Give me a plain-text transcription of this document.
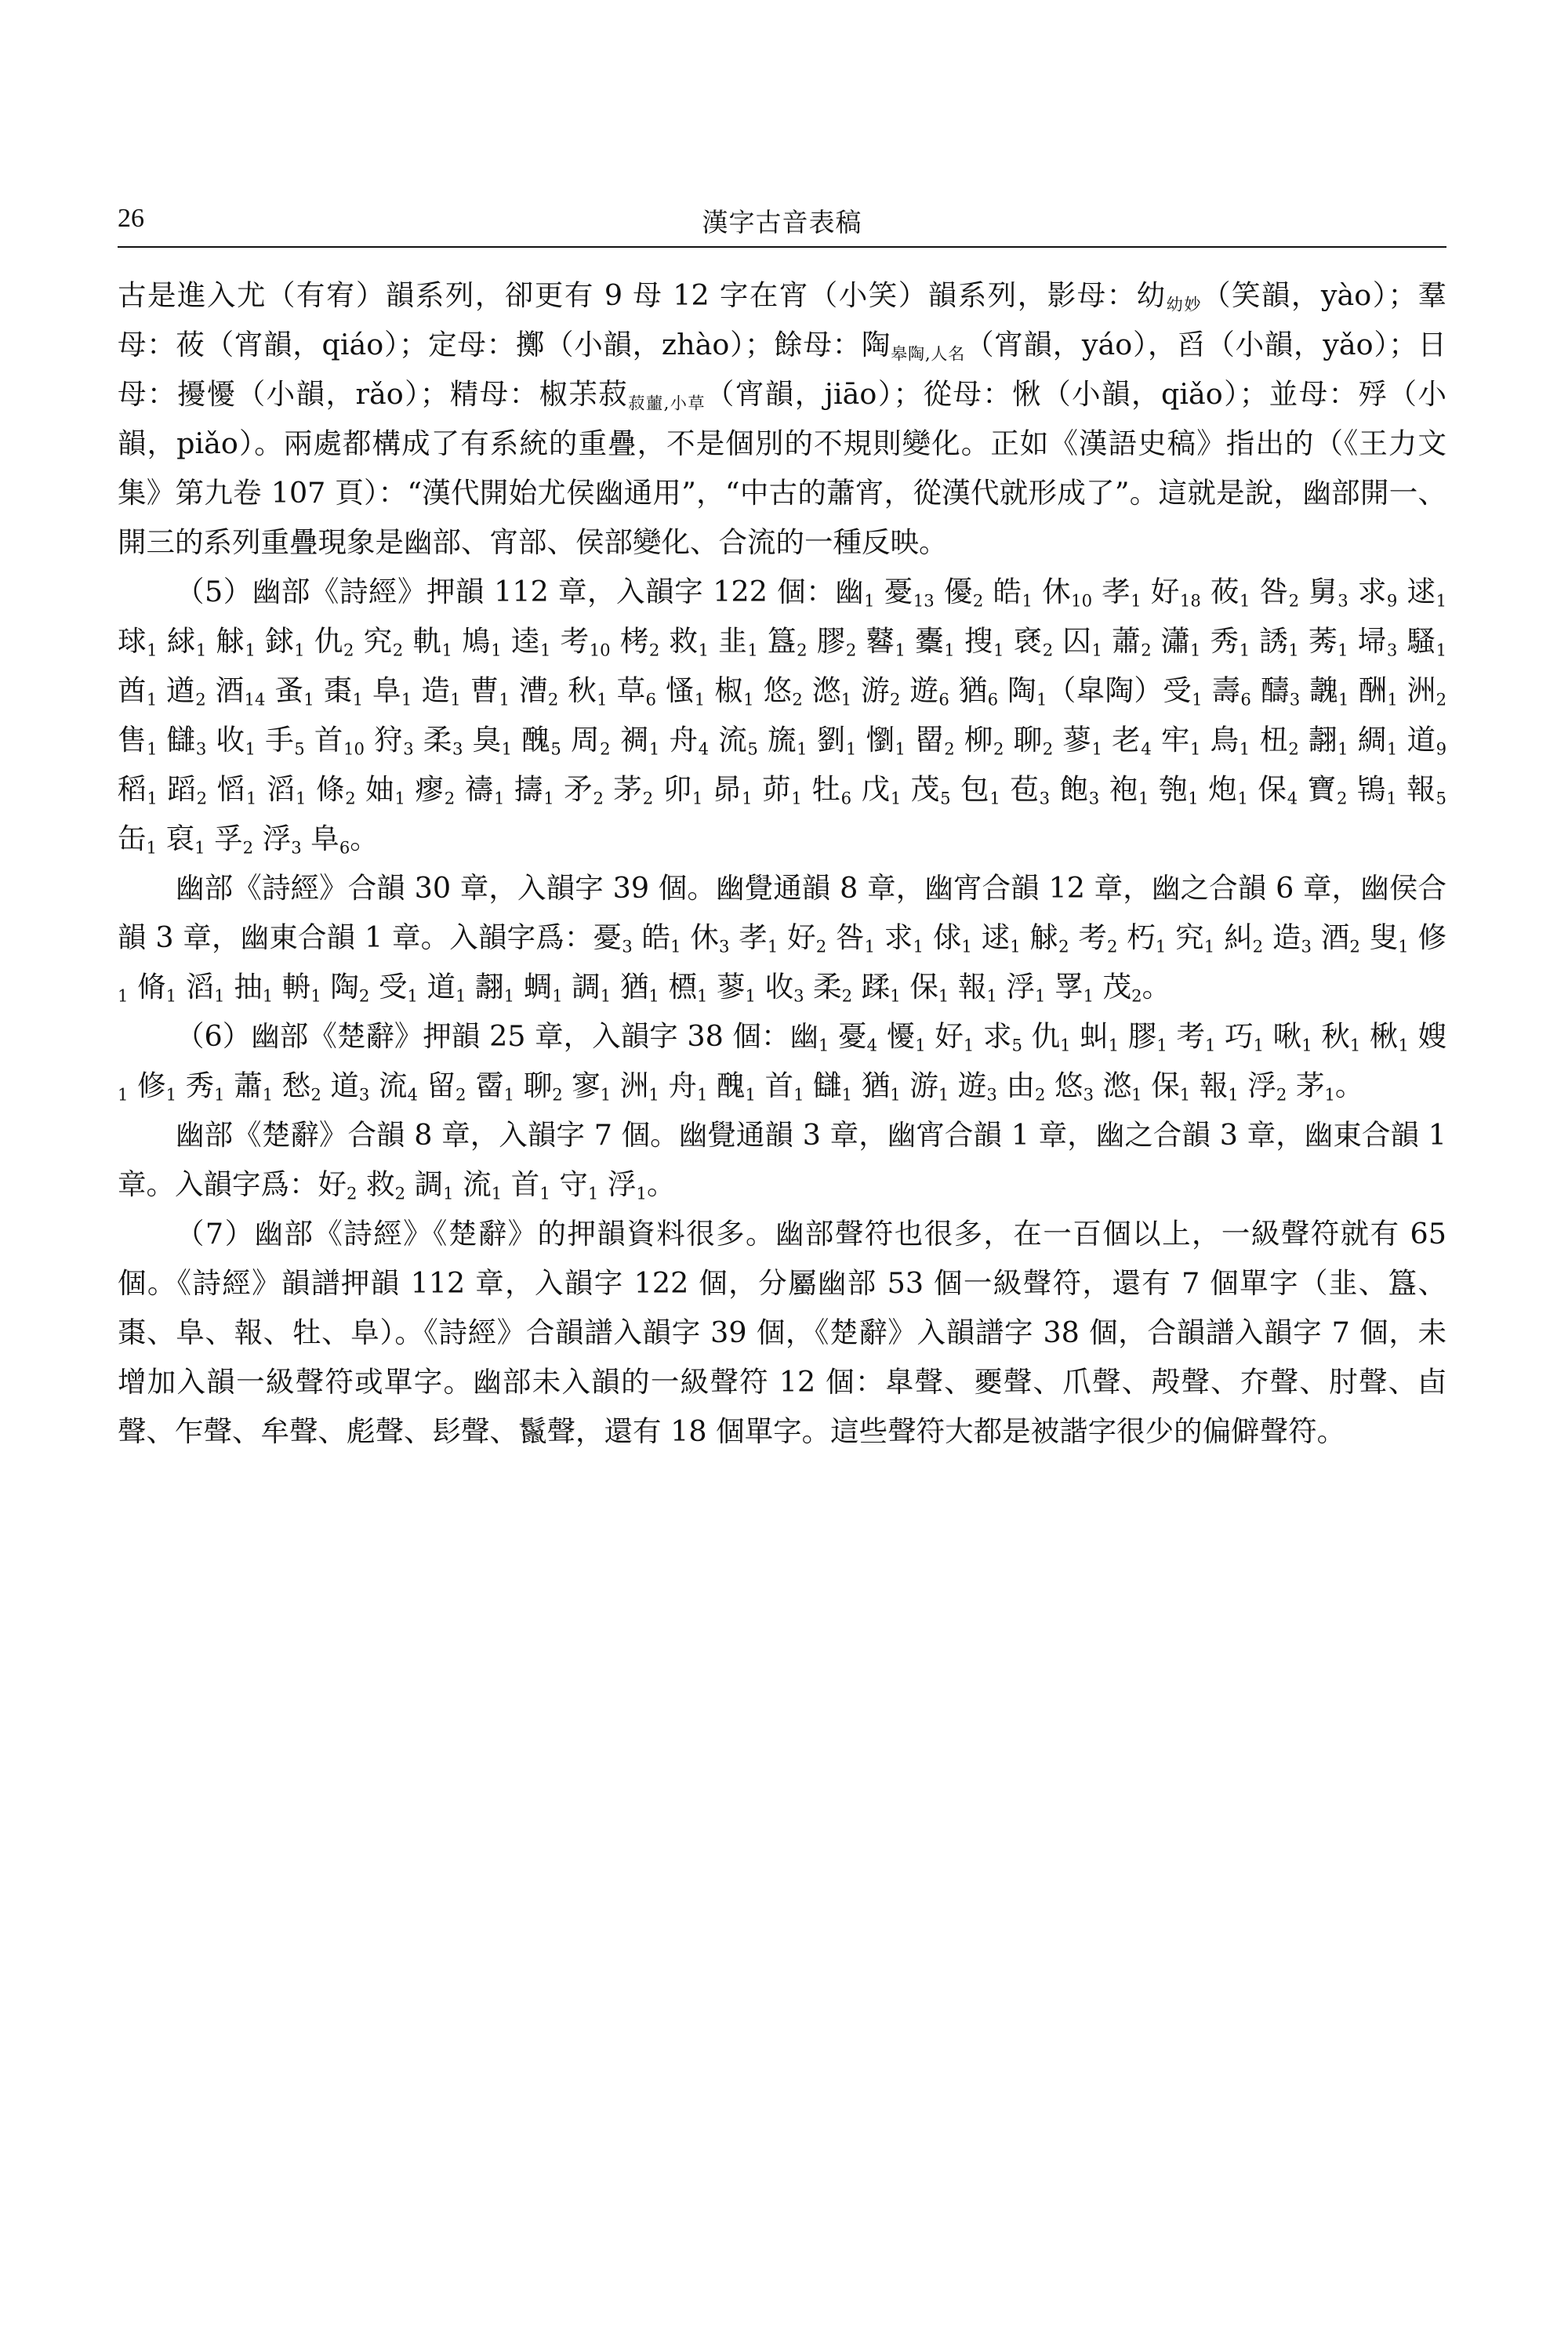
26	漢字古音表稿

古是進入尤（有宥）韻系列，卻更有 9 母 12 字在宵（小笑）韻系列，影母：幼$_{幼妙}$（笑韻，yào）；羣母：莜（宵韻，qiáo）；定母：擲（小韻，zhào）；餘母：陶$_{皋陶,人名}$（宵韻，yáo），舀（小韻，yǎo）；日母：擾懮（小韻，rǎo）；精母：椒茮菽$_{菽蘁,小草}$（宵韻，jiāo）；從母：愀（小韻，qiǎo）；並母：殍（小韻，piǎo）。兩處都構成了有系統的重疊，不是個別的不規則變化。正如《漢語史稿》指出的（《王力文集》第九卷 107 頁）：“漢代開始尤侯幽通用”，“中古的蕭宵，從漢代就形成了”。這就是說，幽部開一、開三的系列重疊現象是幽部、宵部、侯部變化、合流的一種反映。

（5）幽部《詩經》押韻 112 章，入韻字 122 個：幽$_1$ 憂$_{13}$ 優$_2$ 皓$_1$ 休$_{10}$ 孝$_1$ 好$_{18}$ 莜$_1$ 咎$_2$ 舅$_3$ 求$_9$ 逑$_1$ 球$_1$ 絿$_1$ 觩$_1$ 銶$_1$ 仇$_2$ 究$_2$ 軌$_1$ 鳩$_1$ 逵$_1$ 考$_{10}$ 栲$_2$ 救$_1$ 韭$_1$ 簋$_2$ 膠$_2$ 鼛$_1$ 櫜$_1$ 搜$_1$ 褎$_2$ 囚$_1$ 蕭$_2$ 瀟$_1$ 秀$_1$ 誘$_1$ 莠$_1$ 埽$_3$ 騷$_1$ 酋$_1$ 遒$_2$ 酒$_{14}$ 蚤$_1$ 棗$_1$ 阜$_1$ 造$_1$ 曹$_1$ 漕$_2$ 秋$_1$ 草$_6$ 慅$_1$ 椒$_1$ 悠$_2$ 滺$_1$ 游$_2$ 遊$_6$ 猶$_6$ 陶$_1$（皐陶）受$_1$ 壽$_6$ 醻$_3$ 魗$_1$ 酬$_1$ 洲$_2$ 售$_1$ 讎$_3$ 收$_1$ 手$_5$ 首$_{10}$ 狩$_3$ 柔$_3$ 臭$_1$ 醜$_5$ 周$_2$ 裯$_1$ 舟$_4$ 流$_5$ 旒$_1$ 劉$_1$ 懰$_1$ 罶$_2$ 柳$_2$ 聊$_2$ 蓼$_1$ 老$_4$ 牢$_1$ 鳥$_1$ 杻$_2$ 翿$_1$ 綢$_1$ 道$_9$ 稻$_1$ 蹈$_2$ 慆$_1$ 滔$_1$ 條$_2$ 妯$_1$ 瘳$_2$ 禱$_1$ 擣$_1$ 矛$_2$ 茅$_2$ 卯$_1$ 昴$_1$ 茆$_1$ 牡$_6$ 戊$_1$ 茂$_5$ 包$_1$ 苞$_3$ 飽$_3$ 袍$_1$ 匏$_1$ 炮$_1$ 保$_4$ 寶$_2$ 鴇$_1$ 報$_5$ 缶$_1$ 裒$_1$ 孚$_2$ 浮$_3$ 阜$_6$。

幽部《詩經》合韻 30 章，入韻字 39 個。幽覺通韻 8 章，幽宵合韻 12 章，幽之合韻 6 章，幽侯合韻 3 章，幽東合韻 1 章。入韻字爲：憂$_3$ 皓$_1$ 休$_3$ 孝$_1$ 好$_2$ 咎$_1$ 求$_1$ 俅$_1$ 逑$_1$ 觩$_2$ 考$_2$ 朽$_1$ 究$_1$ 糾$_2$ 造$_3$ 酒$_2$ 叟$_1$ 修$_1$ 脩$_1$ 滔$_1$ 抽$_1$ 輈$_1$ 陶$_2$ 受$_1$ 道$_1$ 翿$_1$ 蜩$_1$ 調$_1$ 猶$_1$ 槱$_1$ 蓼$_1$ 收$_3$ 柔$_2$ 蹂$_1$ 保$_1$ 報$_1$ 浮$_1$ 罦$_1$ 茂$_2$。

（6）幽部《楚辭》押韻 25 章，入韻字 38 個：幽$_1$ 憂$_4$ 懮$_1$ 好$_1$ 求$_5$ 仇$_1$ 虯$_1$ 膠$_1$ 考$_1$ 巧$_1$ 啾$_1$ 秋$_1$ 楸$_1$ 嫂$_1$ 修$_1$ 秀$_1$ 蕭$_1$ 愁$_2$ 道$_3$ 流$_4$ 留$_2$ 霤$_1$ 聊$_2$ 寥$_1$ 洲$_1$ 舟$_1$ 醜$_1$ 首$_1$ 讎$_1$ 猶$_1$ 游$_1$ 遊$_3$ 由$_2$ 悠$_3$ 滺$_1$ 保$_1$ 報$_1$ 浮$_2$ 茅$_1$。

幽部《楚辭》合韻 8 章，入韻字 7 個。幽覺通韻 3 章，幽宵合韻 1 章，幽之合韻 3 章，幽東合韻 1 章。入韻字爲：好$_2$ 救$_2$ 調$_1$ 流$_1$ 首$_1$ 守$_1$ 浮$_1$。

（7）幽部《詩經》《楚辭》的押韻資料很多。幽部聲符也很多，在一百個以上，一級聲符就有 65 個。《詩經》韻譜押韻 112 章，入韻字 122 個，分屬幽部 53 個一級聲符，還有 7 個單字（韭、簋、棗、阜、報、牡、阜）。《詩經》合韻譜入韻字 39 個，《楚辭》入韻譜字 38 個，合韻譜入韻字 7 個，未增加入韻一級聲符或單字。幽部未入韻的一級聲符 12 個：臯聲、夒聲、爪聲、殸聲、夰聲、肘聲、卣聲、乍聲、牟聲、彪聲、髟聲、鬣聲，還有 18 個單字。這些聲符大都是被諧字很少的偏僻聲符。
